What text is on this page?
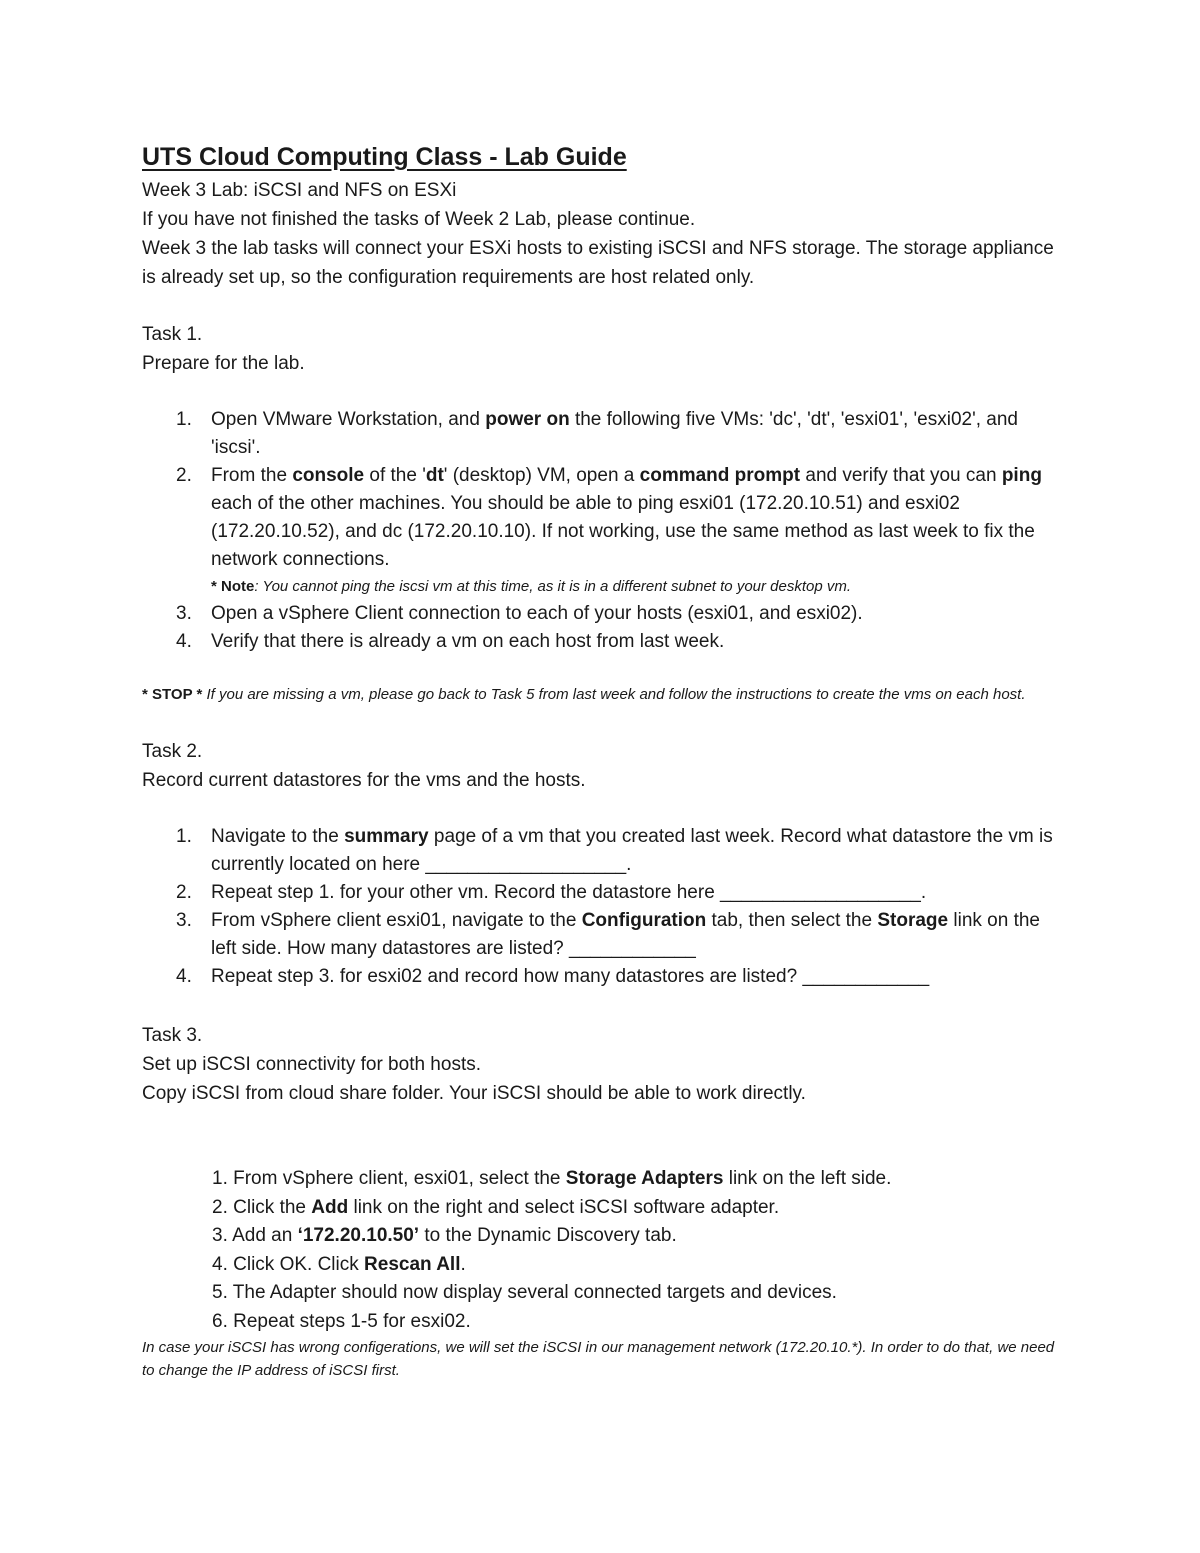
UTS Cloud Computing Class - Lab Guide

Week 3 Lab: iSCSI and NFS on ESXi

If you have not finished the tasks of Week 2 Lab, please continue.

Week 3 the lab tasks will connect your ESXi hosts to existing iSCSI and NFS storage. The storage appliance is already set up, so the configuration requirements are host related only.

Task 1.

Prepare for the lab.

1. Open VMware Workstation, and power on the following five VMs: 'dc', 'dt', 'esxi01', 'esxi02', and 'iscsi'.
2. From the console of the 'dt' (desktop) VM, open a command prompt and verify that you can ping each of the other machines. You should be able to ping esxi01 (172.20.10.51) and esxi02 (172.20.10.52), and dc (172.20.10.10). If not working, use the same method as last week to fix the network connections.
* Note: You cannot ping the iscsi vm at this time, as it is in a different subnet to your desktop vm.
3. Open a vSphere Client connection to each of your hosts (esxi01, and esxi02).
4. Verify that there is already a vm on each host from last week.

* STOP * If you are missing a vm, please go back to Task 5 from last week and follow the instructions to create the vms on each host.

Task 2.

Record current datastores for the vms and the hosts.

1. Navigate to the summary page of a vm that you created last week. Record what datastore the vm is currently located on here ___________________.
2. Repeat step 1. for your other vm. Record the datastore here ___________________.
3. From vSphere client esxi01, navigate to the Configuration tab, then select the Storage link on the left side. How many datastores are listed? ____________
4. Repeat step 3. for esxi02 and record how many datastores are listed? ____________

Task 3.

Set up iSCSI connectivity for both hosts.

Copy iSCSI from cloud share folder. Your iSCSI should be able to work directly.

1. From vSphere client, esxi01, select the Storage Adapters link on the left side.
2. Click the Add link on the right and select iSCSI software adapter.
3. Add an ‘172.20.10.50’ to the Dynamic Discovery tab.
4. Click OK. Click Rescan All.
5. The Adapter should now display several connected targets and devices.
6. Repeat steps 1-5 for esxi02.

In case your iSCSI has wrong configerations, we will set the iSCSI in our management network (172.20.10.*). In order to do that, we need to change the IP address of iSCSI first.
